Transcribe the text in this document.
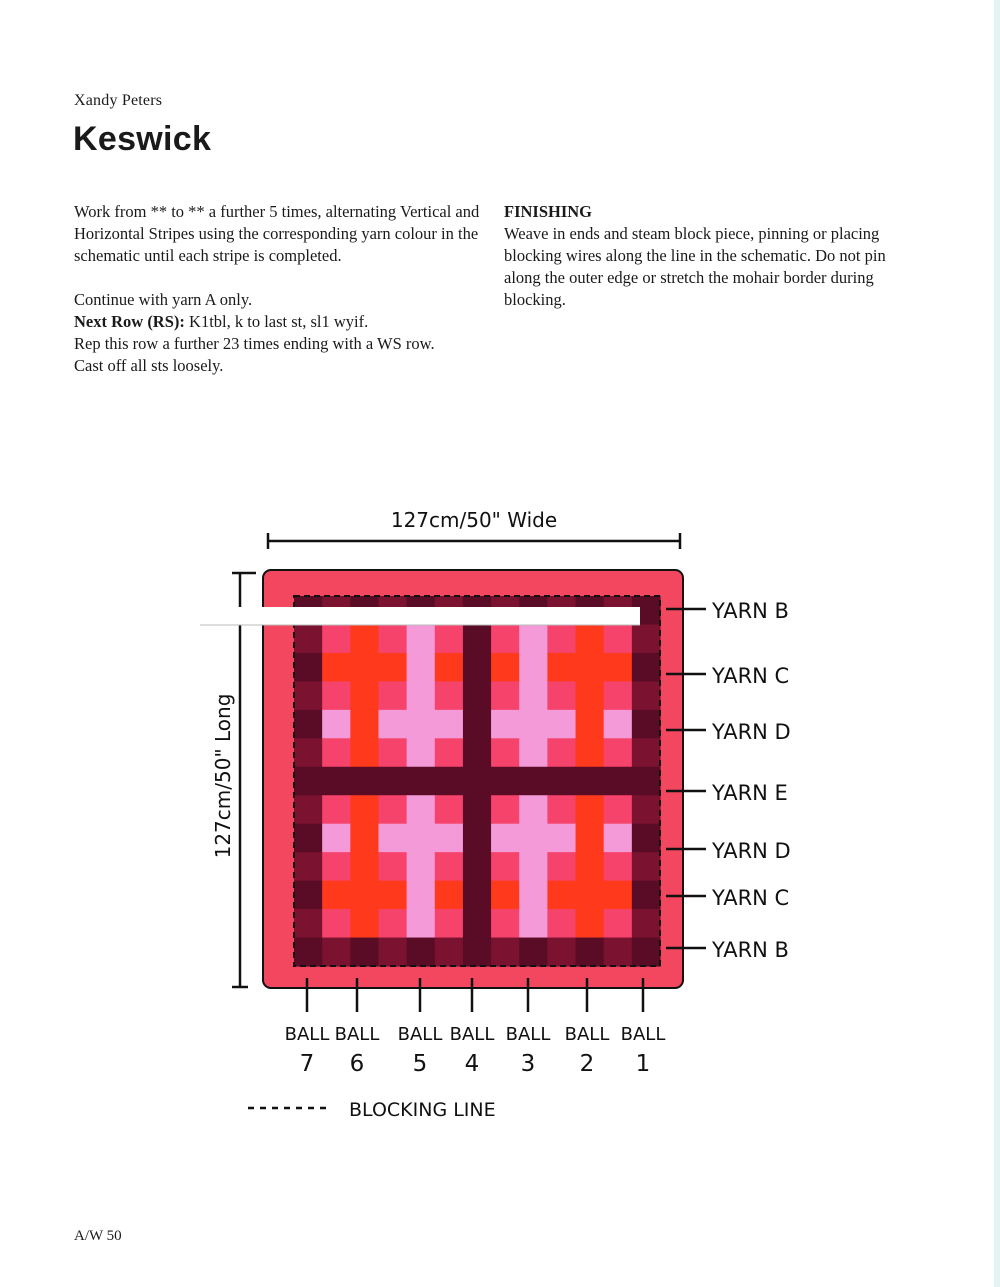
Xandy Peters
Keswick

Work from ** to ** a further 5 times, alternating Vertical and Horizontal Stripes using the corresponding yarn colour in the schematic until each stripe is completed.

Continue with yarn A only.

Next Row (RS): K1tbl, k to last st, sl1 wyif.

Rep this row a further 23 times ending with a WS row.

Cast off all sts loosely.

FINISHING

Weave in ends and steam block piece, pinning or placing blocking wires along the line in the schematic. Do not pin along the outer edge or stretch the mohair border during blocking.

127cm/50" Wide
127cm/50" Long
YARN B
YARN C
YARN D
YARN E
YARN D
YARN C
YARN B
BALL
7
BALL
6
BALL
5
BALL
4
BALL
3
BALL
2
BALL
1
BLOCKING LINE
A/W 50
